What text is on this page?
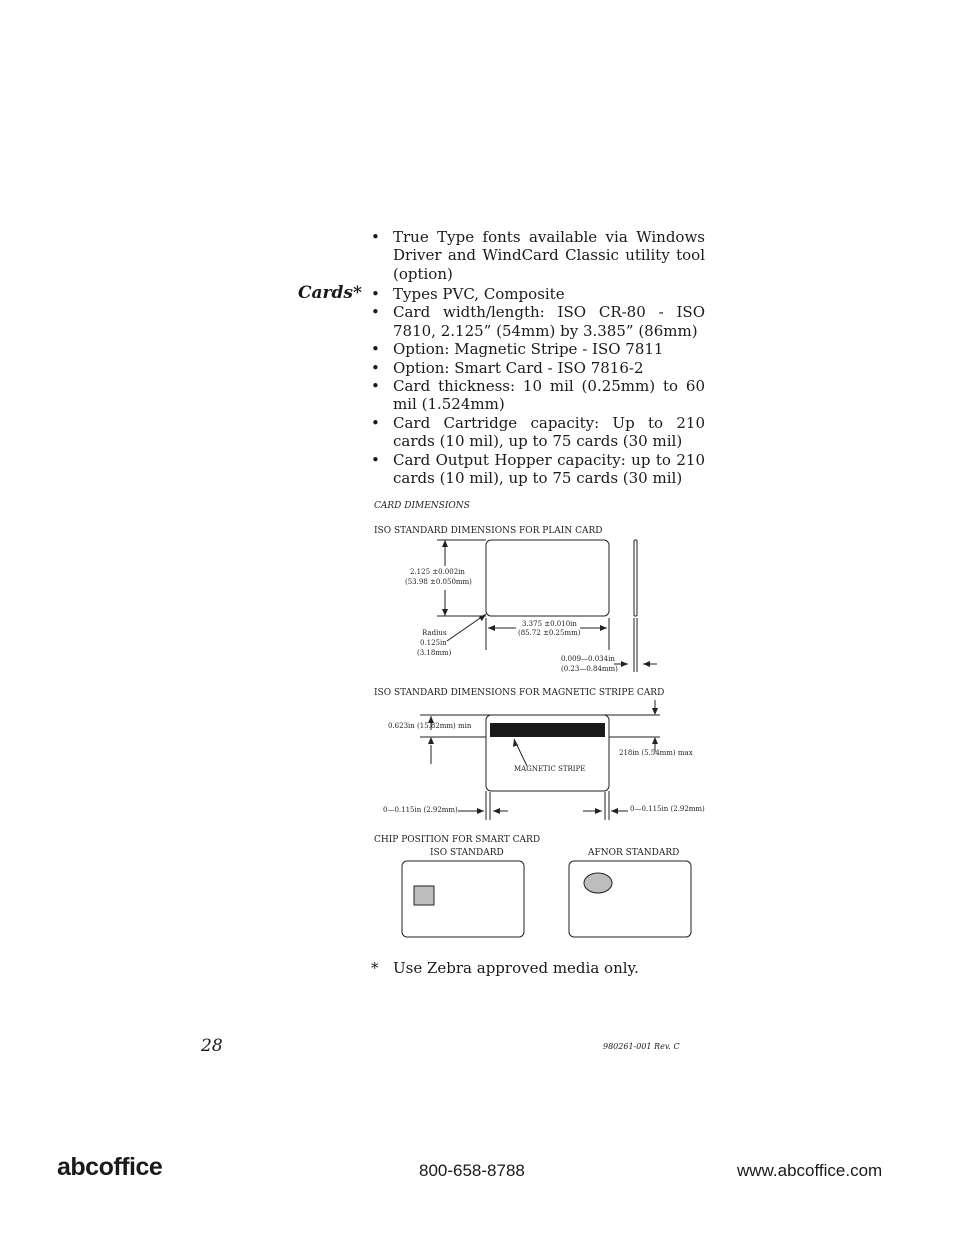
• True Type fonts available via Windows Driver and WindCard Classic utility tool (option)
Cards*
•	Types PVC, Composite
• Card width/length: ISO CR-80 - ISO 7810, 2.125” (54mm) by 3.385” (86mm)
• Option: Magnetic Stripe - ISO 7811
• Option: Smart Card - ISO 7816-2
• Card thickness: 10 mil (0.25mm) to 60 mil (1.524mm)
• Card Cartridge capacity: Up to 210 cards (10 mil), up to 75 cards (30 mil)
• Card Output Hopper capacity: up to 210 cards (10 mil), up to 75 cards (30 mil)
CARD DIMENSIONS
ISO STANDARD DIMENSIONS FOR PLAIN CARD
2.125 ±0.002in
(53.98 ±0.050mm)
Radius
0.125in
(3.18mm)
3.375 ±0.010in
(85.72 ±0.25mm)
0.009—0.034in
(0.23—0.84mm)
ISO STANDARD DIMENSIONS FOR MAGNETIC STRIPE CARD
0.623in (15.82mm) min
218in (5.54mm) max
MAGNETIC STRIPE
0—0.115in (2.92mm)	0—0.115in (2.92mm)
CHIP POSITION FOR SMART CARD
ISO STANDARD	AFNOR STANDARD
* Use Zebra approved media only.
28	980261-001 Rev. C
abcoffice	800-658-8788	www.abcoffice.com
